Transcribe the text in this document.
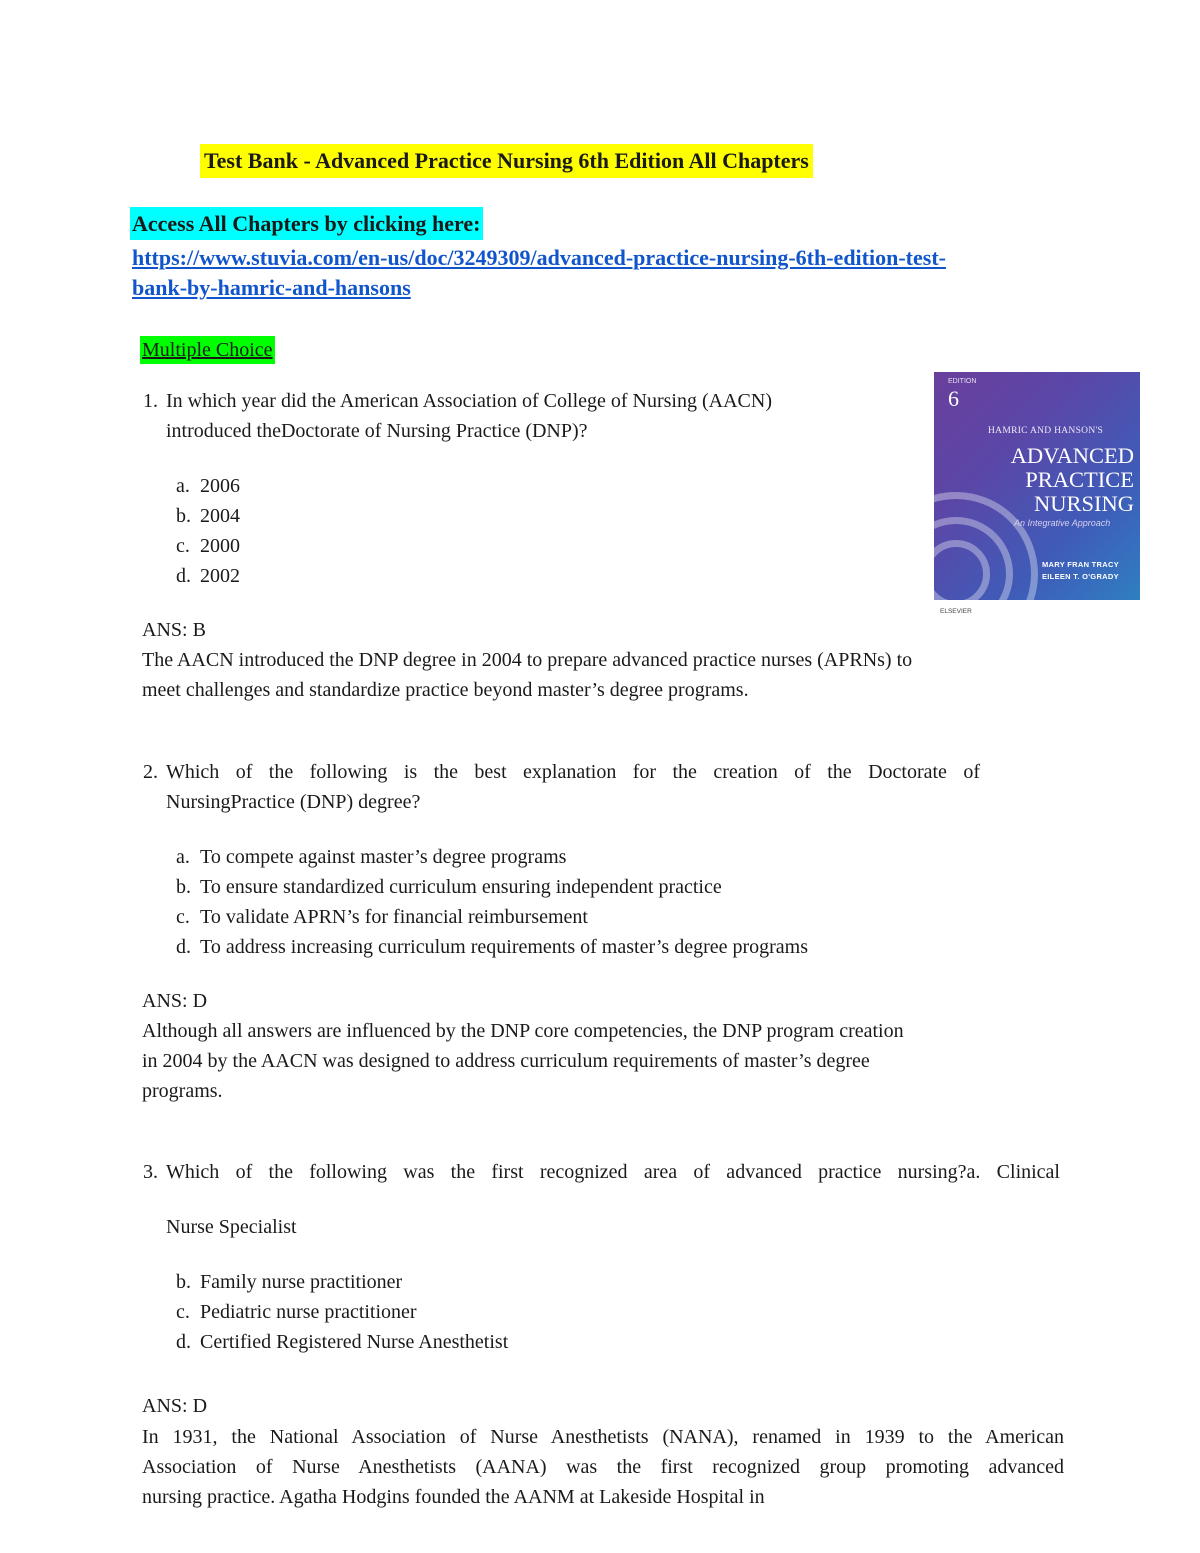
Test Bank - Advanced Practice Nursing 6th Edition All Chapters
Access All Chapters by clicking here:
https://www.stuvia.com/en-us/doc/3249309/advanced-practice-nursing-6th-edition-test-
bank-by-hamric-and-hansons
Multiple Choice
EDITION
6
HAMRIC AND HANSON'S
ADVANCED
PRACTICE
NURSING
An Integrative Approach
MARY FRAN TRACY
EILEEN T. O'GRADY
ELSEVIER
1. In which year did the American Association of College of Nursing (AACN)
introduced theDoctorate of Nursing Practice (DNP)?
a. 2006
b. 2004
c. 2000
d. 2002
ANS: B
The AACN introduced the DNP degree in 2004 to prepare advanced practice nurses (APRNs) to
meet challenges and standardize practice beyond master’s degree programs.
2. Which of the following is the best explanation for the creation of the Doctorate of
NursingPractice (DNP) degree?
a. To compete against master’s degree programs
b. To ensure standardized curriculum ensuring independent practice
c. To validate APRN’s for financial reimbursement
d. To address increasing curriculum requirements of master’s degree programs
ANS: D
Although all answers are influenced by the DNP core competencies, the DNP program creation
in 2004 by the AACN was designed to address curriculum requirements of master’s degree
programs.
3. Which of the following was the first recognized area of advanced practice nursing?a. Clinical
Nurse Specialist
b. Family nurse practitioner
c. Pediatric nurse practitioner
d. Certified Registered Nurse Anesthetist
ANS: D
In 1931, the National Association of Nurse Anesthetists (NANA), renamed in 1939 to the American
Association of Nurse Anesthetists (AANA) was the first recognized group promoting advanced
nursing practice. Agatha Hodgins founded the AANM at Lakeside Hospital in
